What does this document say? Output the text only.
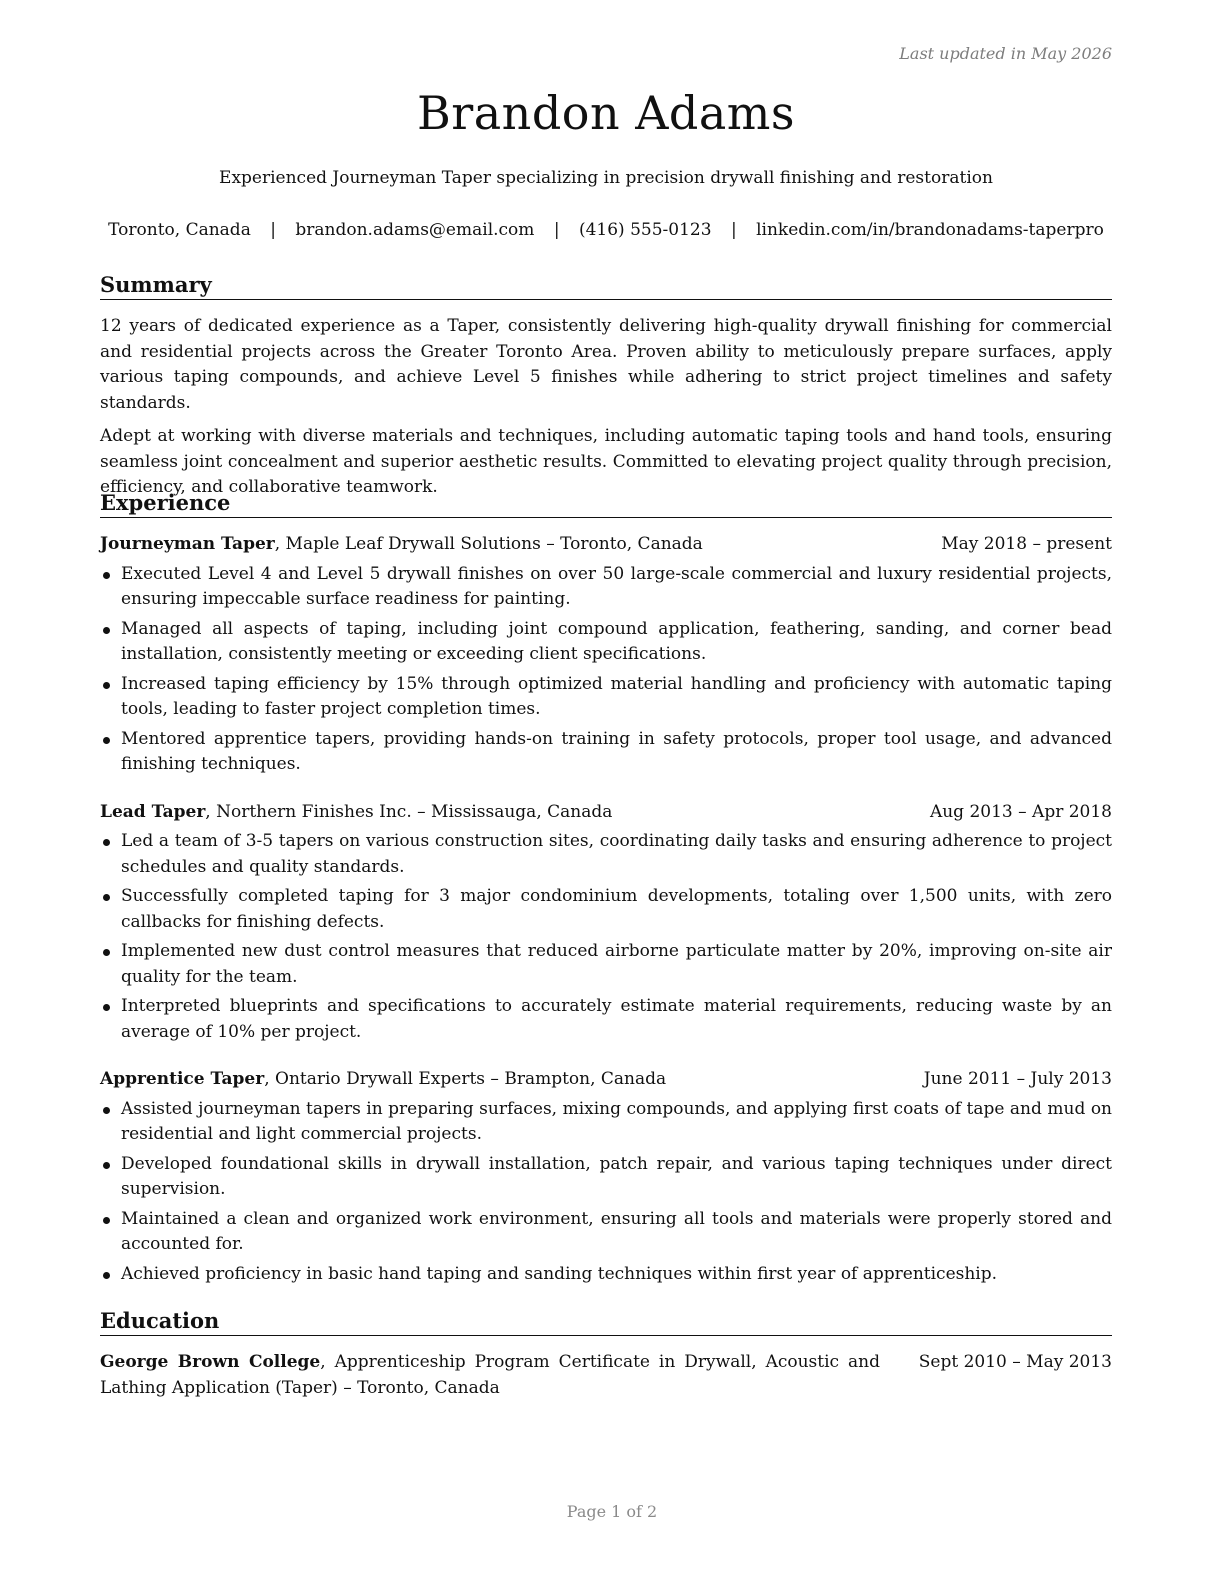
Last updated in May 2026
Brandon Adams
Experienced Journeyman Taper specializing in precision drywall finishing and restoration
Toronto, Canada | brandon.adams@email.com | (416) 555-0123 | linkedin.com/in/brandonadams-taperpro
Summary

12 years of dedicated experience as a Taper, consistently delivering high-quality drywall finishing for commercial and residential projects across the Greater Toronto Area. Proven ability to meticulously prepare surfaces, apply various taping compounds, and achieve Level 5 finishes while adhering to strict project timelines and safety standards.

Adept at working with diverse materials and techniques, including automatic taping tools and hand tools, ensuring seamless joint concealment and superior aesthetic results. Committed to elevating project quality through precision, efficiency, and collaborative teamwork.

Experience
Journeyman Taper, Maple Leaf Drywall Solutions – Toronto, Canada	May 2018 – present
Executed Level 4 and Level 5 drywall finishes on over 50 large-scale commercial and luxury residential projects, ensuring impeccable surface readiness for painting.
Managed all aspects of taping, including joint compound application, feathering, sanding, and corner bead installation, consistently meeting or exceeding client specifications.
Increased taping efficiency by 15% through optimized material handling and proficiency with automatic taping tools, leading to faster project completion times.
Mentored apprentice tapers, providing hands-on training in safety protocols, proper tool usage, and advanced finishing techniques.
Lead Taper, Northern Finishes Inc. – Mississauga, Canada	Aug 2013 – Apr 2018
Led a team of 3-5 tapers on various construction sites, coordinating daily tasks and ensuring adherence to project schedules and quality standards.
Successfully completed taping for 3 major condominium developments, totaling over 1,500 units, with zero callbacks for finishing defects.
Implemented new dust control measures that reduced airborne particulate matter by 20%, improving on-site air quality for the team.
Interpreted blueprints and specifications to accurately estimate material requirements, reducing waste by an average of 10% per project.
Apprentice Taper, Ontario Drywall Experts – Brampton, Canada	June 2011 – July 2013
Assisted journeyman tapers in preparing surfaces, mixing compounds, and applying first coats of tape and mud on residential and light commercial projects.
Developed foundational skills in drywall installation, patch repair, and various taping techniques under direct supervision.
Maintained a clean and organized work environment, ensuring all tools and materials were properly stored and accounted for.
Achieved proficiency in basic hand taping and sanding techniques within first year of apprenticeship.
Education
George Brown College, Apprenticeship Program Certificate in Drywall, Acoustic and Lathing Application (Taper) – Toronto, Canada
Sept 2010 – May 2013
Page 1 of 2
